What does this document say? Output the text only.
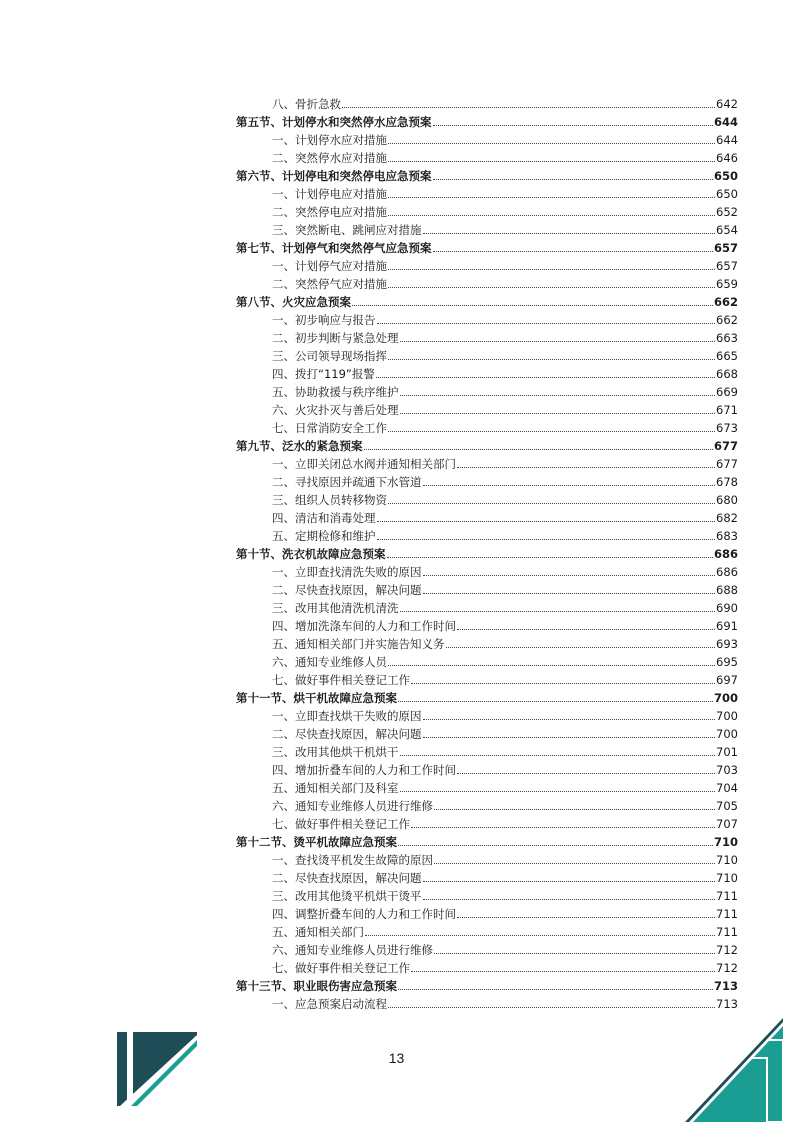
八、骨折急救	642
第五节、计划停水和突然停水应急预案	644
一、计划停水应对措施	644
二、突然停水应对措施	646
第六节、计划停电和突然停电应急预案	650
一、计划停电应对措施	650
二、突然停电应对措施	652
三、突然断电、跳闸应对措施	654
第七节、计划停气和突然停气应急预案	657
一、计划停气应对措施	657
二、突然停气应对措施	659
第八节、火灾应急预案	662
一、初步响应与报告	662
二、初步判断与紧急处理	663
三、公司领导现场指挥	665
四、拨打“119”报警	668
五、协助救援与秩序维护	669
六、火灾扑灭与善后处理	671
七、日常消防安全工作	673
第九节、泛水的紧急预案	677
一、立即关闭总水阀并通知相关部门	677
二、寻找原因并疏通下水管道	678
三、组织人员转移物资	680
四、清洁和消毒处理	682
五、定期检修和维护	683
第十节、洗衣机故障应急预案	686
一、立即查找清洗失败的原因	686
二、尽快查找原因，解决问题	688
三、改用其他清洗机清洗	690
四、增加洗涤车间的人力和工作时间	691
五、通知相关部门并实施告知义务	693
六、通知专业维修人员	695
七、做好事件相关登记工作	697
第十一节、烘干机故障应急预案	700
一、立即查找烘干失败的原因	700
二、尽快查找原因，解决问题	700
三、改用其他烘干机烘干	701
四、增加折叠车间的人力和工作时间	703
五、通知相关部门及科室	704
六、通知专业维修人员进行维修	705
七、做好事件相关登记工作	707
第十二节、烫平机故障应急预案	710
一、查找烫平机发生故障的原因	710
二、尽快查找原因，解决问题	710
三、改用其他烫平机烘干烫平	711
四、调整折叠车间的人力和工作时间	711
五、通知相关部门	711
六、通知专业维修人员进行维修	712
七、做好事件相关登记工作	712
第十三节、职业眼伤害应急预案	713
一、应急预案启动流程	713
13
